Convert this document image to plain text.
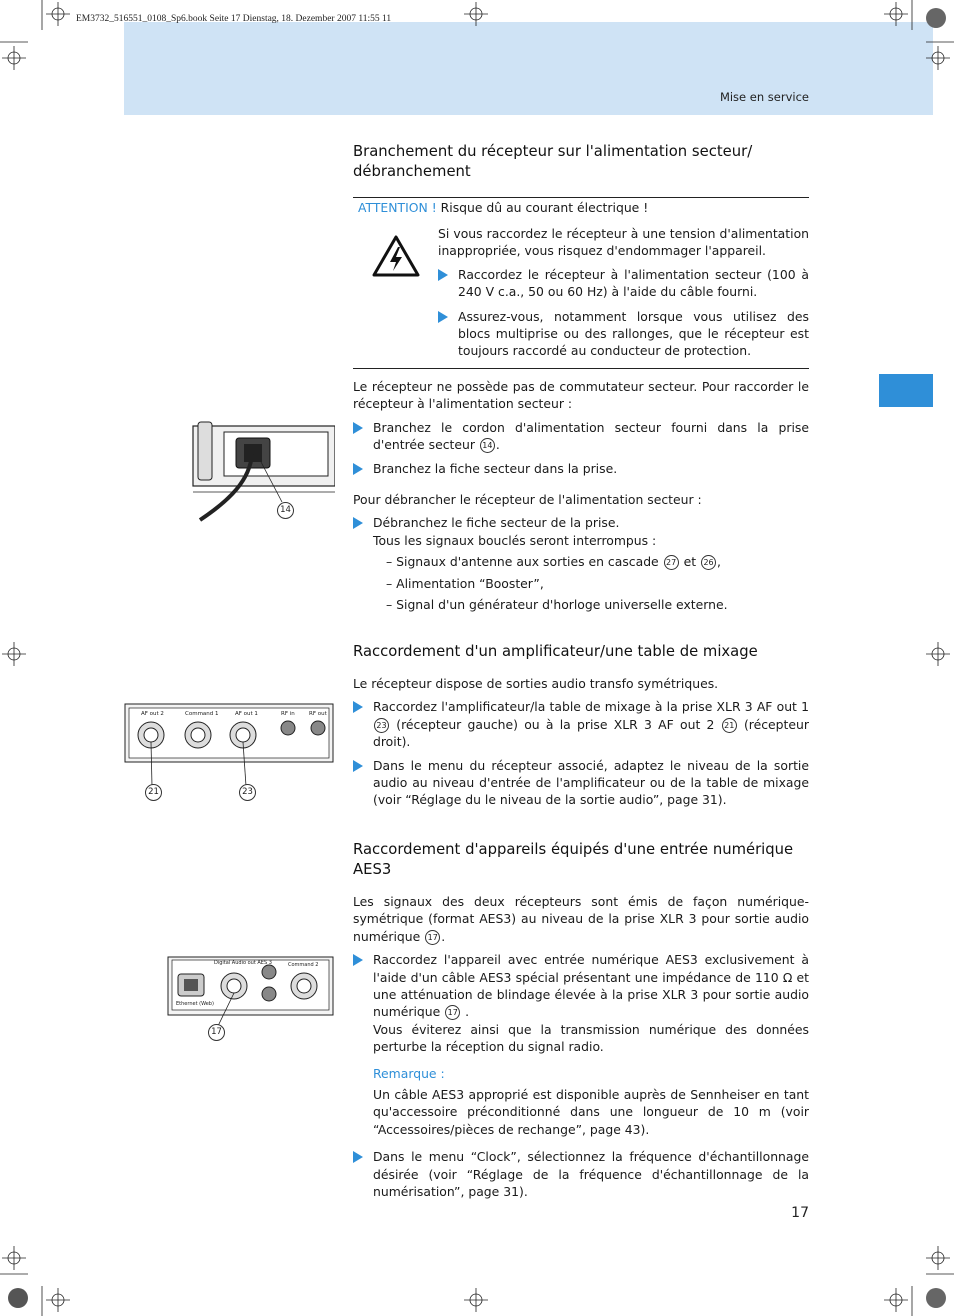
EM3732_516551_0108_Sp6.book Seite 17 Dienstag, 18. Dezember 2007 11:55 11
Mise en service
17
Branchement du récepteur sur l'alimentation secteur/ débranchement
ATTENTION ! Risque dû au courant électrique !

Si vous raccordez le récepteur à une tension d'alimentation inappropriée, vous risquez d'endommager l'appareil.

Raccordez le récepteur à l'alimentation secteur (100 à 240 V c.a., 50 ou 60 Hz) à l'aide du câble fourni.
Assurez-vous, notamment lorsque vous utilisez des blocs multiprise ou des rallonges, que le récepteur est toujours raccordé au conducteur de protection.

Le récepteur ne possède pas de commutateur secteur. Pour raccorder le récepteur à l'alimentation secteur :

Branchez le cordon d'alimentation secteur fourni dans la prise d'entrée secteur 14 .
Branchez la fiche secteur dans la prise.

Pour débrancher le récepteur de l'alimentation secteur :

Débranchez le fiche secteur de la prise.
Tous les signaux bouclés seront interrompus :
– Signaux d'antenne aux sorties en cascade 27 et 26 ,
– Alimentation “Booster”,
– Signal d'un générateur d'horloge universelle externe.
14
Raccordement d'un amplificateur/une table de mixage

Le récepteur dispose de sorties audio transfo symétriques.

Raccordez l'amplificateur/la table de mixage à la prise XLR 3 AF out 1 23 (récepteur gauche) ou à la prise XLR 3 AF out 2 21 (récepteur droit).
Dans le menu du récepteur associé, adaptez le niveau de la sortie audio au niveau d'entrée de l'amplificateur ou de la table de mixage (voir “Réglage du le niveau de la sortie audio”, page 31).
AF out 2	Command 1	AF out 1	RF in	RF out
21	23
Raccordement d'appareils équipés d'une entrée numérique AES3

Les signaux des deux récepteurs sont émis de façon numérique-symétrique (format AES3) au niveau de la prise XLR 3 pour sortie audio numérique 17 .

Raccordez l'appareil avec entrée numérique AES3 exclusivement à l'aide d'un câble AES3 spécial présentant une impédance de 110 Ω et une atténuation de blindage élevée à la prise XLR 3 pour sortie audio numérique 17 .
Vous éviterez ainsi que la transmission numérique des données perturbe la réception du signal radio.

Remarque :

Un câble AES3 approprié est disponible auprès de Sennheiser en tant qu'accessoire préconditionné dans une longueur de 10 m (voir “Accessoires/pièces de rechange”, page 43).

Dans le menu “Clock”, sélectionnez la fréquence d'échantillonnage désirée (voir “Réglage de la fréquence d'échantillonnage de la numérisation”, page 31).
Digital Audio out AES 3	Command 2
Ethernet (Web)
17
